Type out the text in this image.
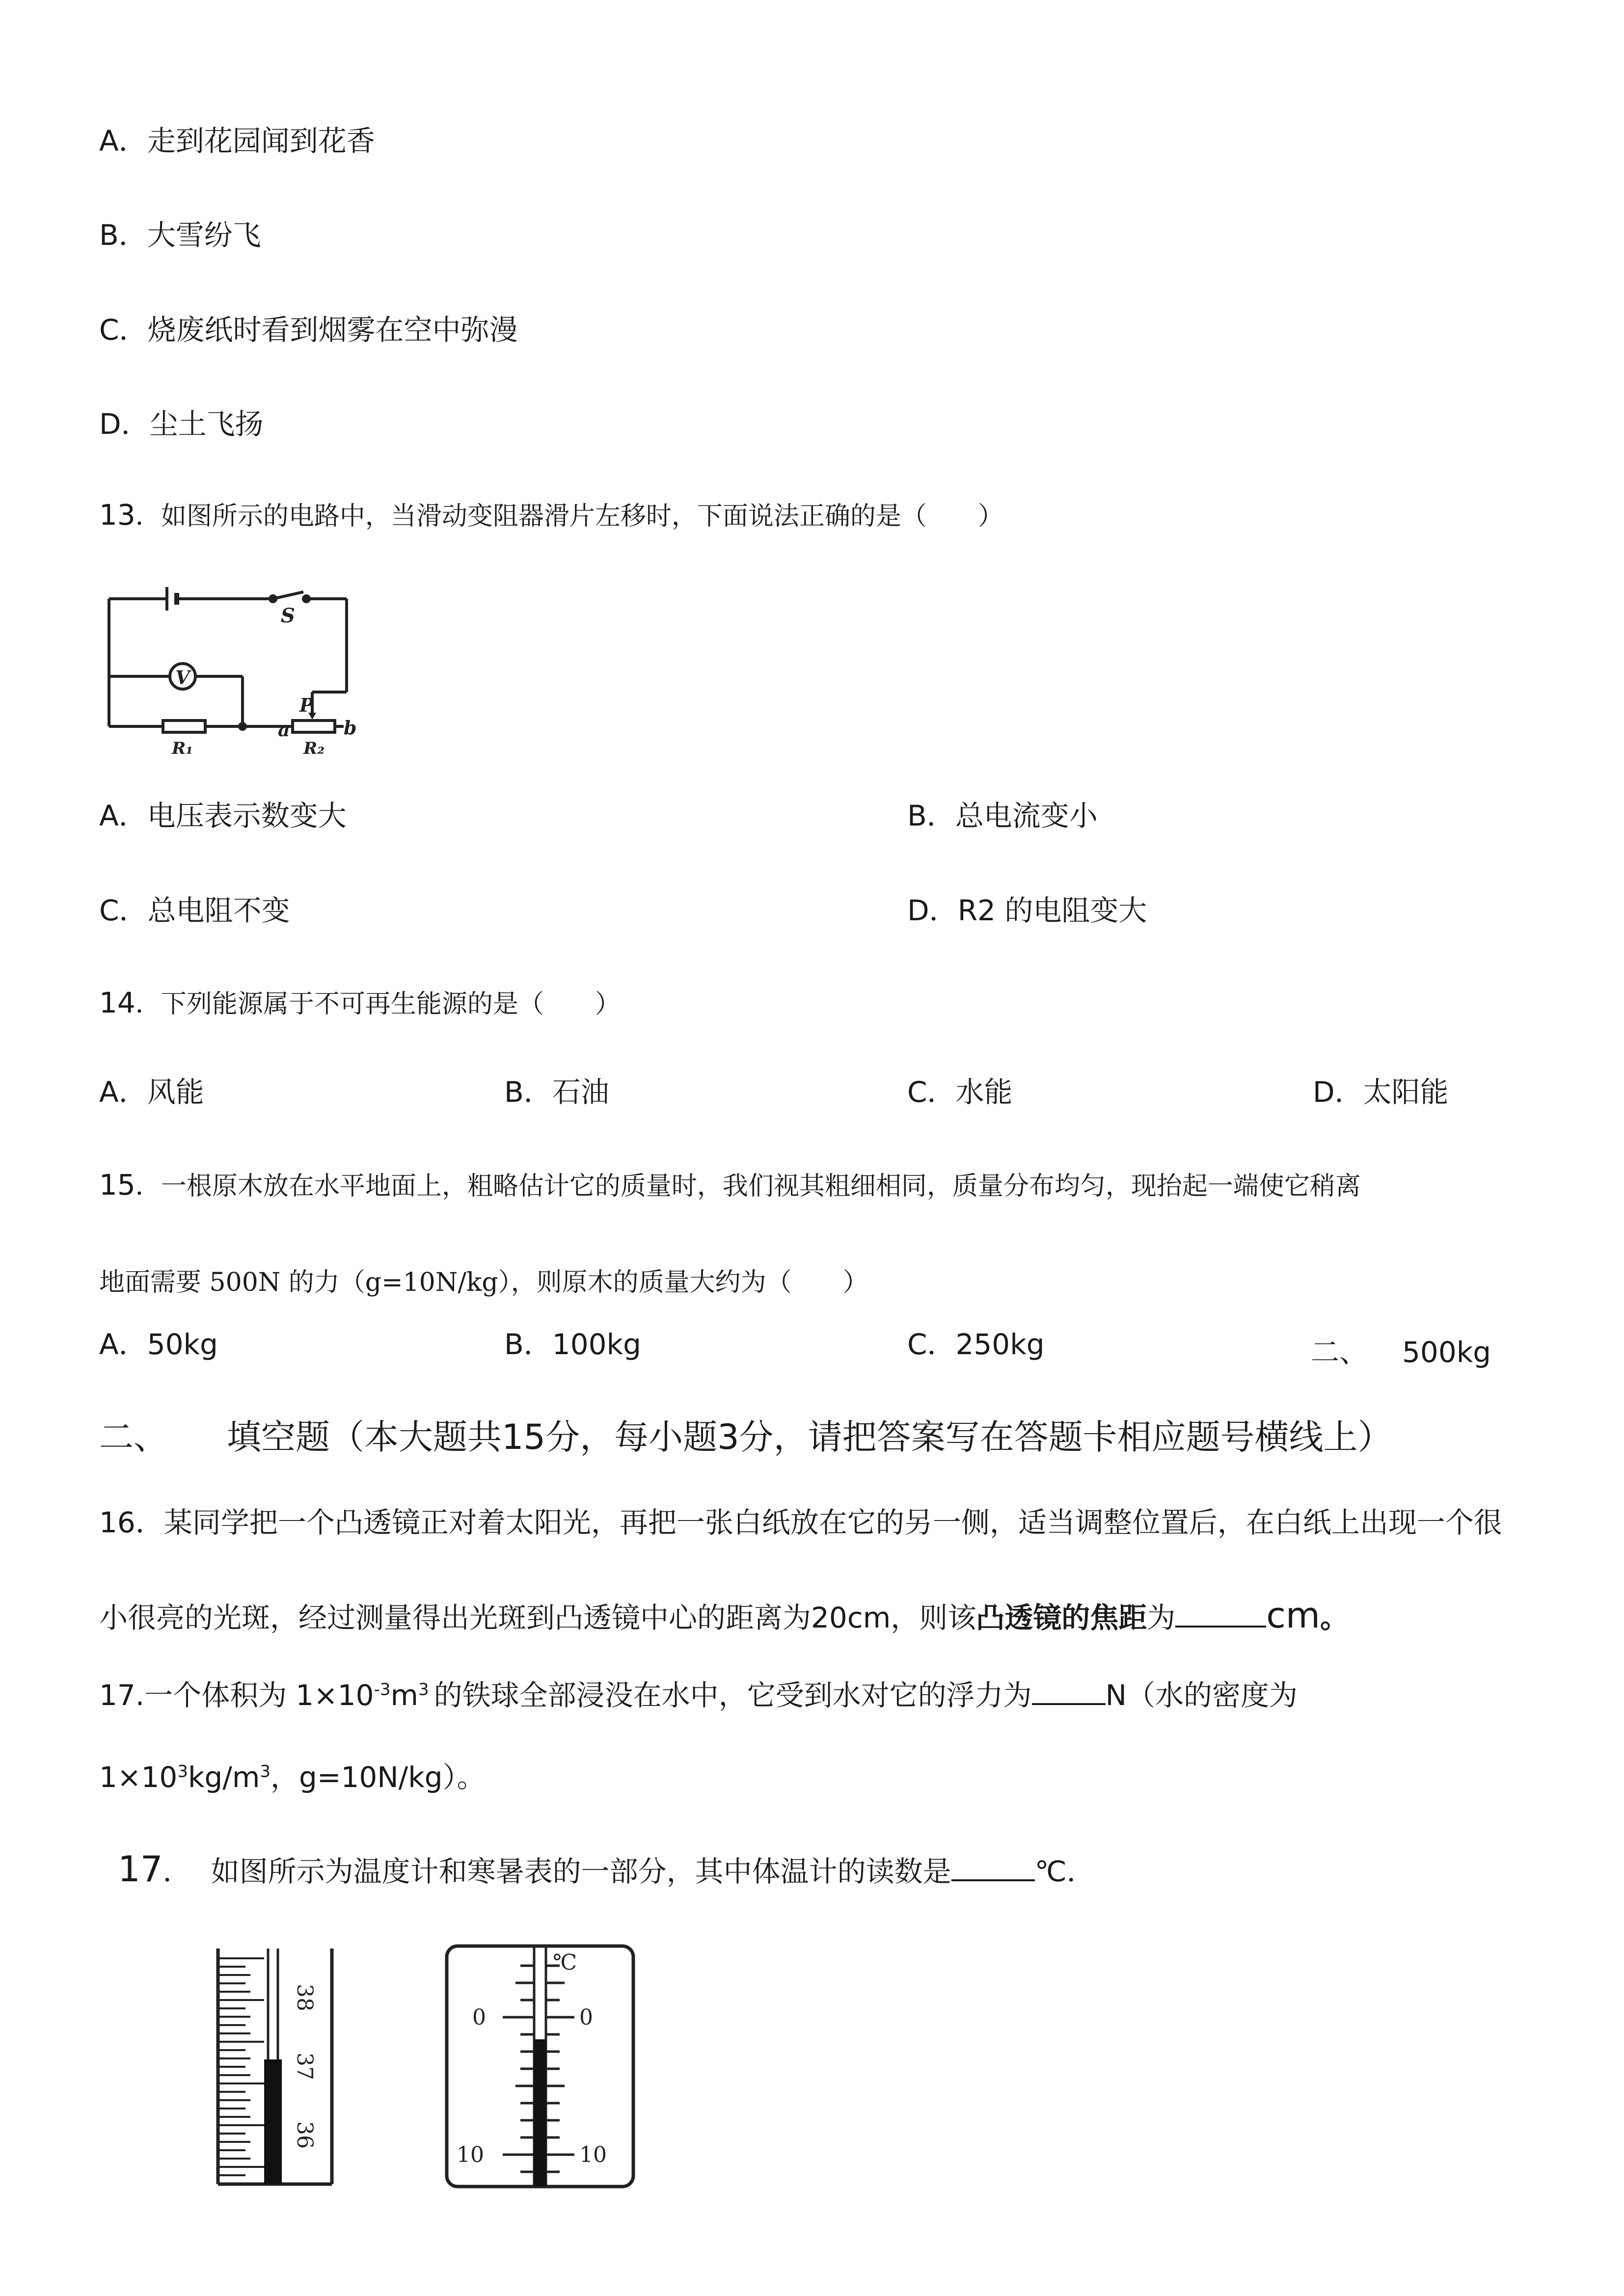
A．走到花园闻到花香
B．大雪纷飞
C．烧废纸时看到烟雾在空中弥漫
D．尘土飞扬
13．如图所示的电路中，当滑动变阻器滑片左移时，下面说法正确的是（　　）
S
V
P
a	b
R₁	R₂
A．电压表示数变大	B．总电流变小
C．总电阻不变	D．R2 的电阻变大
14．下列能源属于不可再生能源的是（　　）
A．风能	B．石油	C．水能	D．太阳能
15．一根原木放在水平地面上，粗略估计它的质量时，我们视其粗细相同，质量分布均匀，现抬起一端使它稍离
地面需要 500N 的力（g=10N/kg），则原木的质量大约为（　　）
A．50kg	B．100kg	C．250kg	二、 500kg
二、 填空题（本大题共15分，每小题3分，请把答案写在答题卡相应题号横线上）
16．某同学把一个凸透镜正对着太阳光，再把一张白纸放在它的另一侧，适当调整位置后，在白纸上出现一个很
小很亮的光斑，经过测量得出光斑到凸透镜中心的距离为20cm，则该凸透镜的焦距为	cm。
17.一个体积为 $1\times 10^{-3}m^3$ 的铁球全部浸没在水中，它受到水对它的浮力为	N（水的密度为
$1\times 10^3kg/m^3$，g=10N/kg）。
17． 如图所示为温度计和寒暑表的一部分，其中体温计的读数是	℃．
38
37
36
℃
0	0
10	10
